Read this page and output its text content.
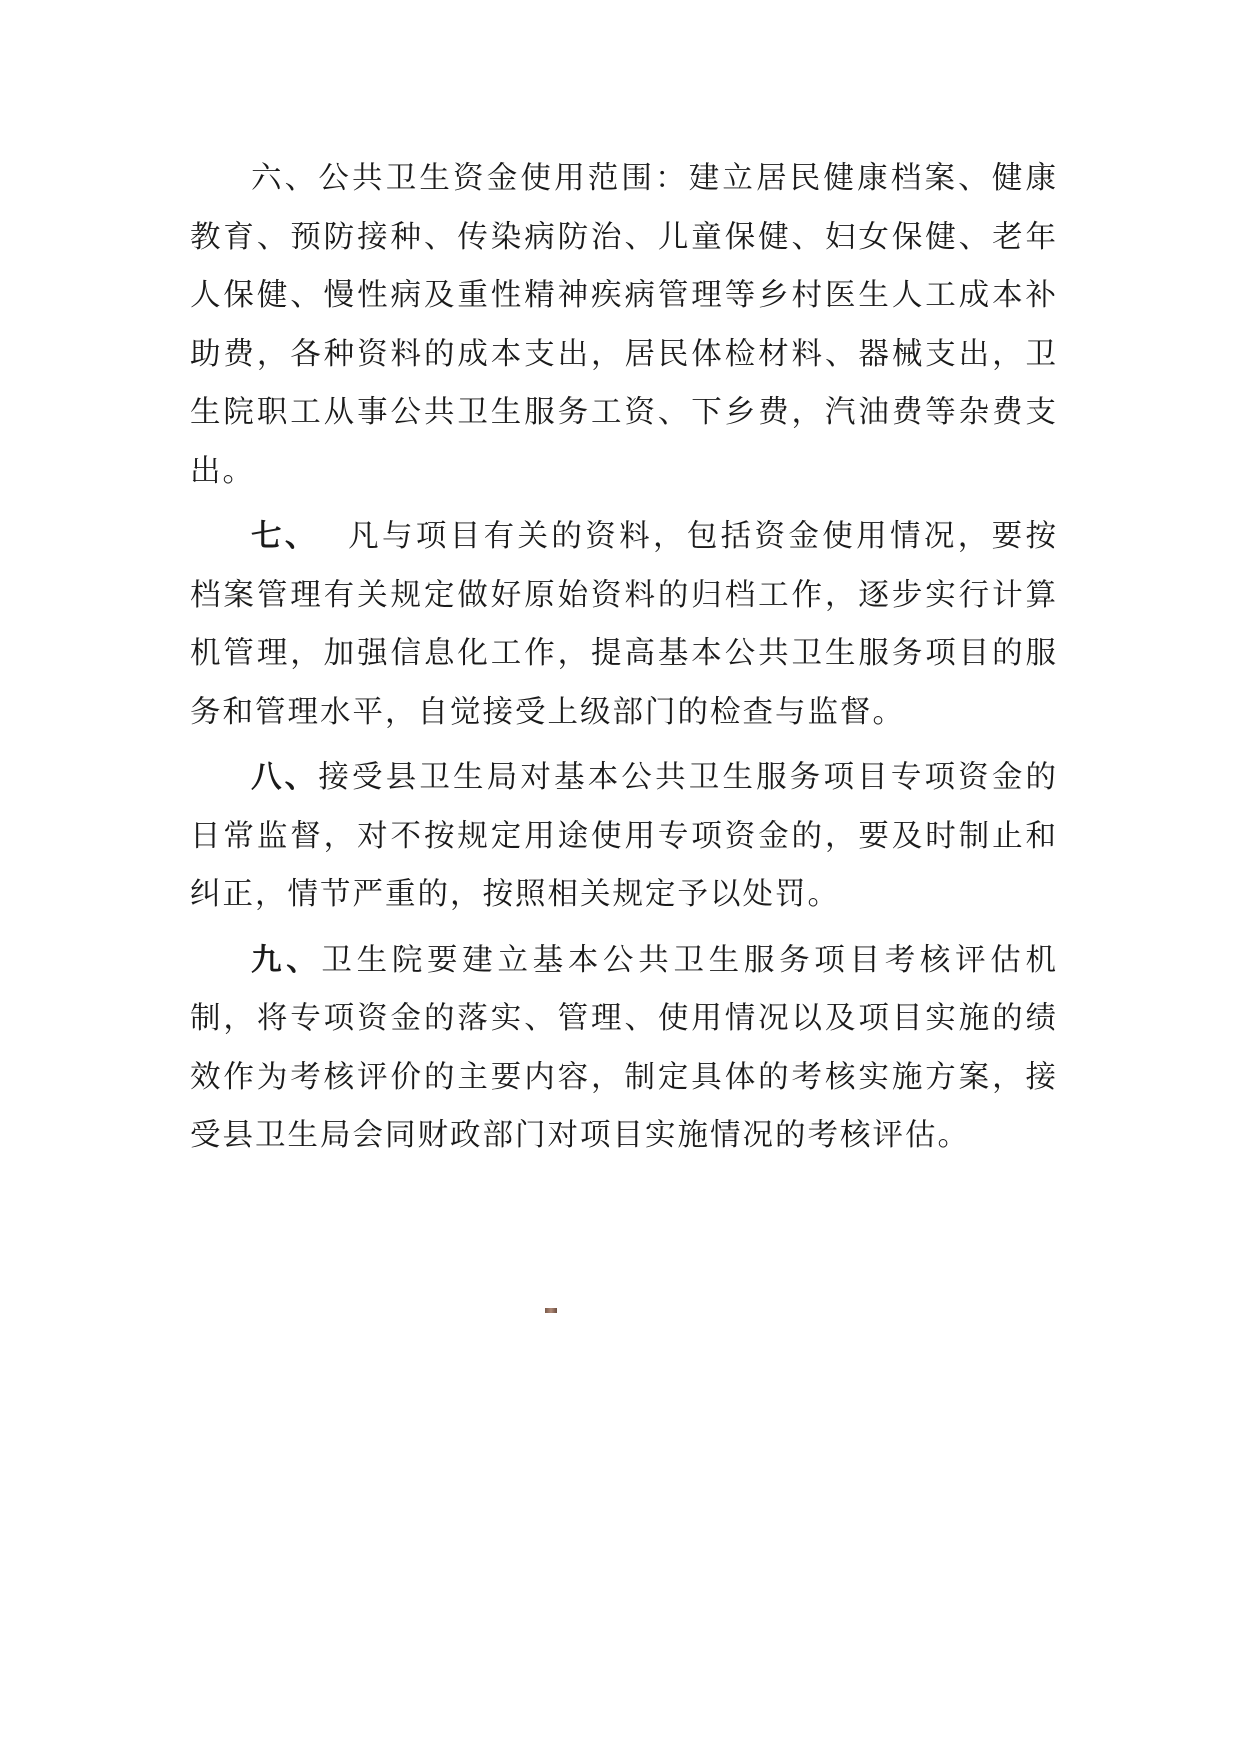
六、公共卫生资金使用范围：建立居民健康档案、健康教育、预防接种、传染病防治、儿童保健、妇女保健、老年人保健、慢性病及重性精神疾病管理等乡村医生人工成本补助费，各种资料的成本支出，居民体检材料、器械支出，卫生院职工从事公共卫生服务工资、下乡费，汽油费等杂费支出。

七、 凡与项目有关的资料，包括资金使用情况，要按档案管理有关规定做好原始资料的归档工作，逐步实行计算机管理，加强信息化工作，提高基本公共卫生服务项目的服务和管理水平，自觉接受上级部门的检查与监督。

八、接受县卫生局对基本公共卫生服务项目专项资金的日常监督，对不按规定用途使用专项资金的，要及时制止和纠正，情节严重的，按照相关规定予以处罚。

九、卫生院要建立基本公共卫生服务项目考核评估机制，将专项资金的落实、管理、使用情况以及项目实施的绩效作为考核评价的主要内容，制定具体的考核实施方案，接受县卫生局会同财政部门对项目实施情况的考核评估。
